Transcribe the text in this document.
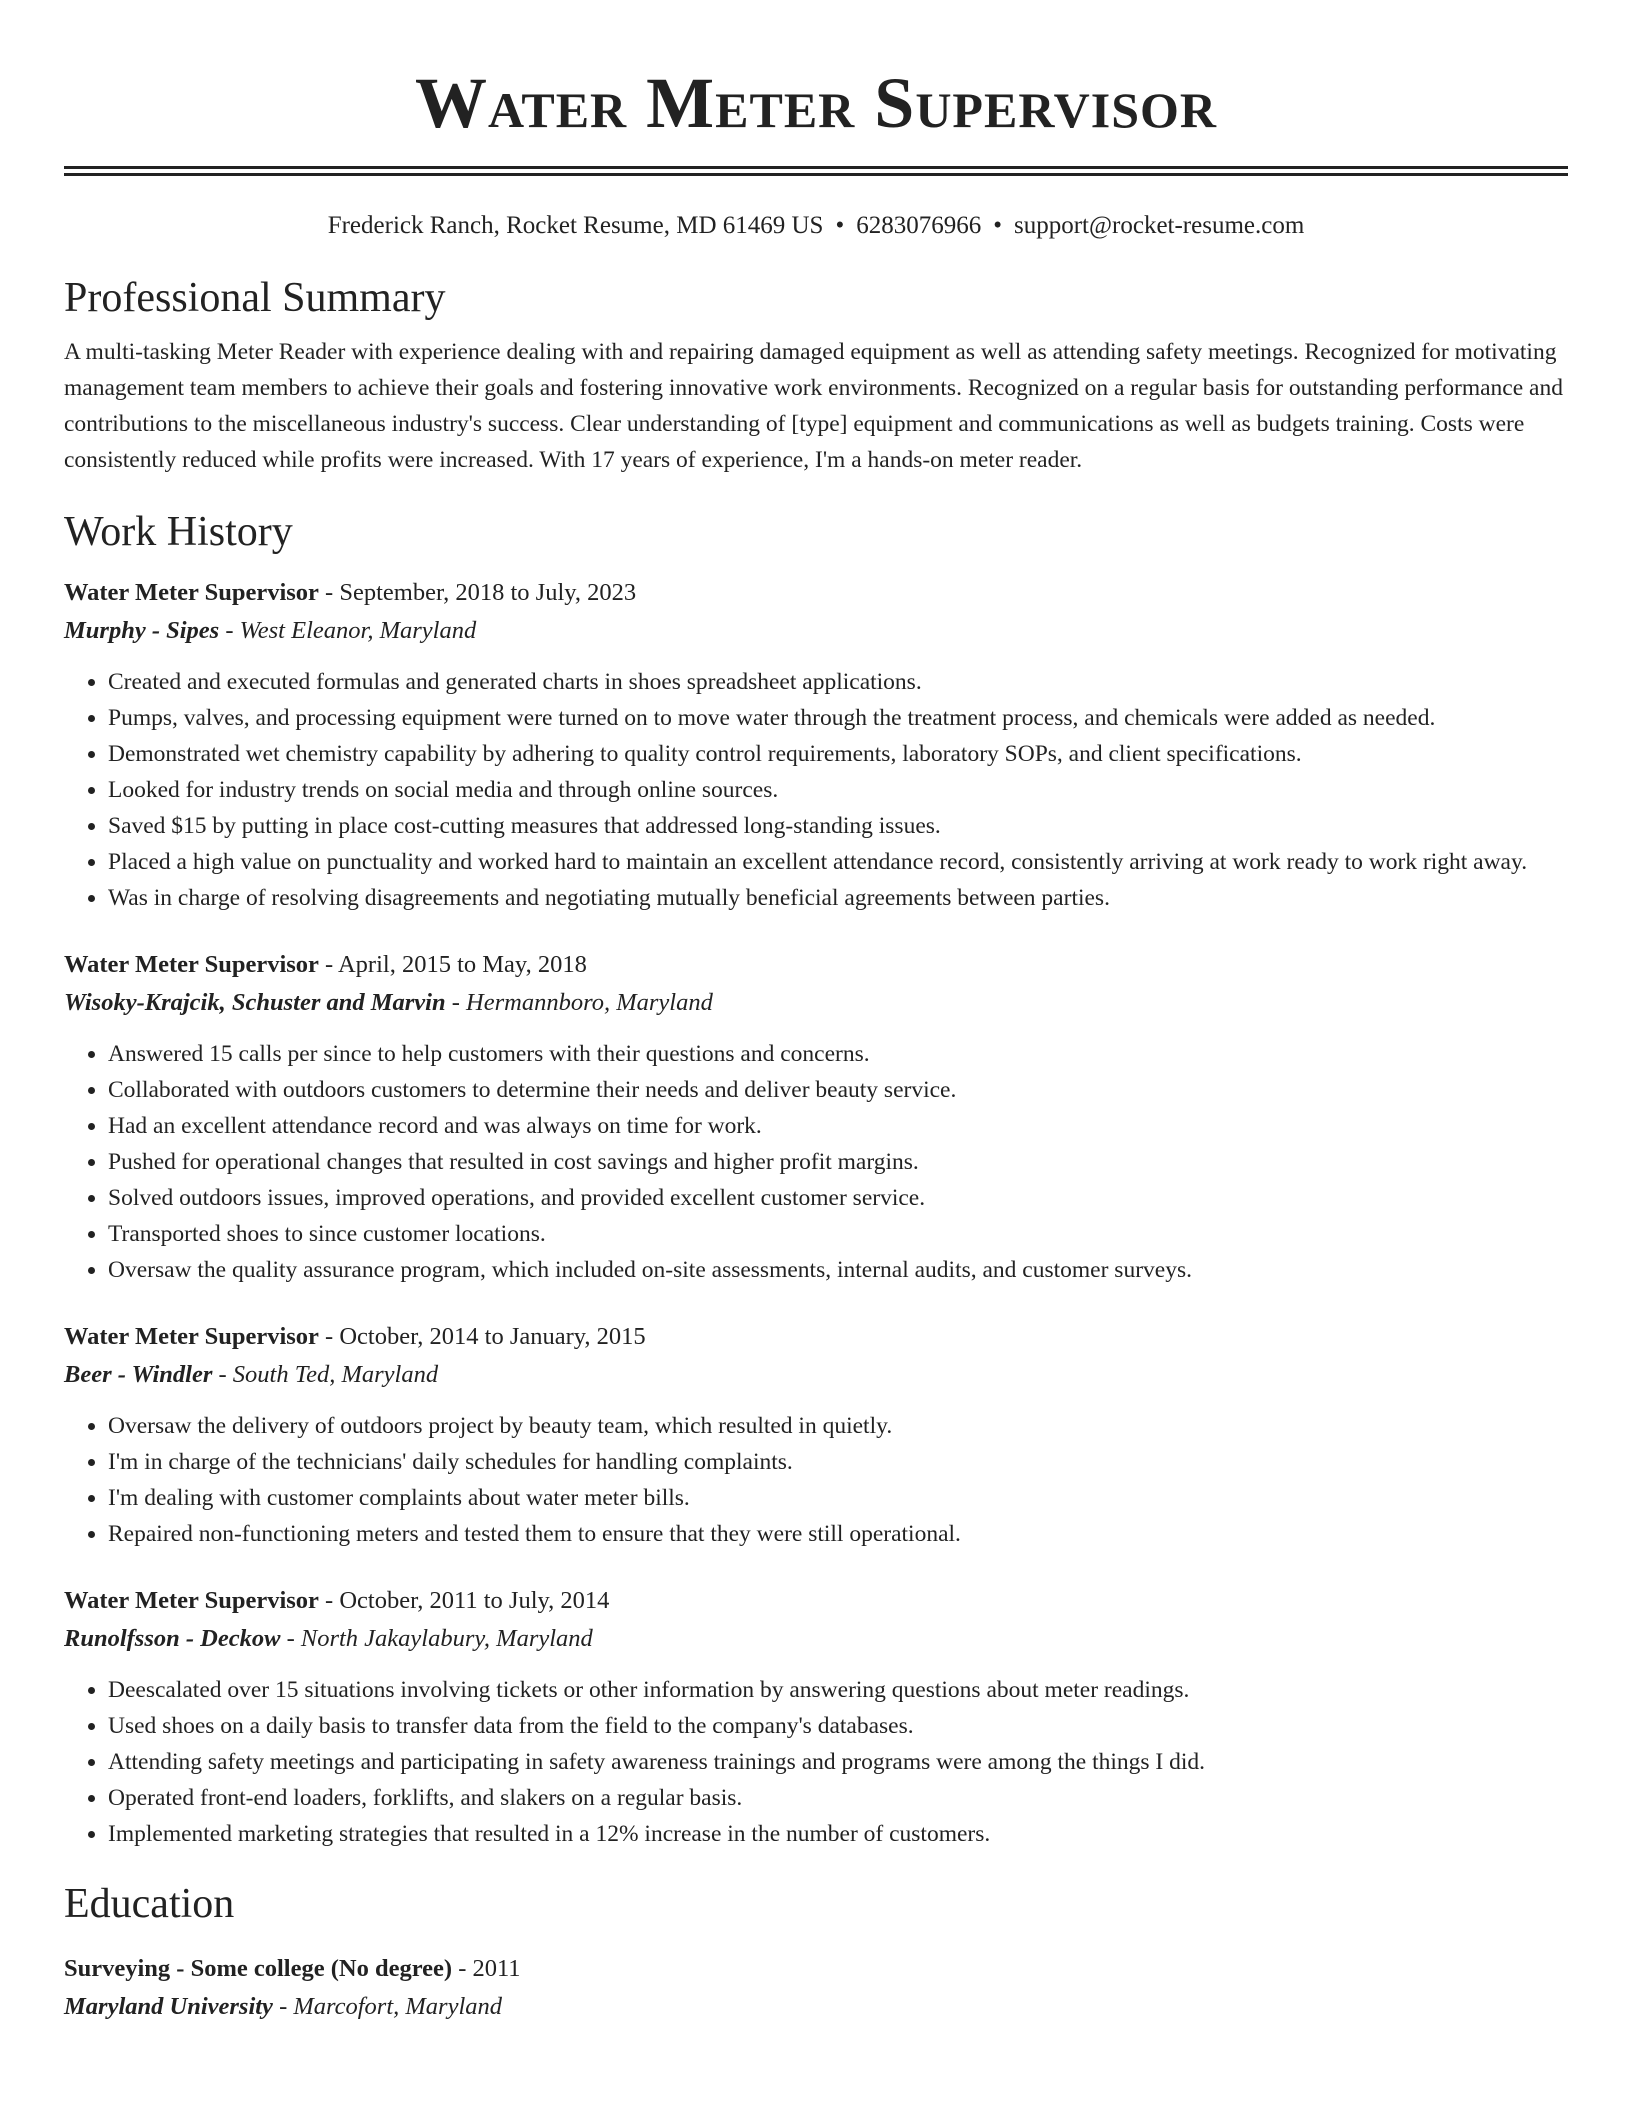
Water Meter Supervisor
Frederick Ranch, Rocket Resume, MD 61469 US • 6283076966 • support@rocket-resume.com
Professional Summary

A multi-tasking Meter Reader with experience dealing with and repairing damaged equipment as well as attending safety meetings. Recognized for motivating management team members to achieve their goals and fostering innovative work environments. Recognized on a regular basis for outstanding performance and contributions to the miscellaneous industry's success. Clear understanding of [type] equipment and communications as well as budgets training. Costs were consistently reduced while profits were increased. With 17 years of experience, I'm a hands-on meter reader.

Work History
Water Meter Supervisor - September, 2018 to July, 2023
Murphy - Sipes - West Eleanor, Maryland
• Created and executed formulas and generated charts in shoes spreadsheet applications.
• Pumps, valves, and processing equipment were turned on to move water through the treatment process, and chemicals were added as needed.
• Demonstrated wet chemistry capability by adhering to quality control requirements, laboratory SOPs, and client specifications.
• Looked for industry trends on social media and through online sources.
• Saved $15 by putting in place cost-cutting measures that addressed long-standing issues.
• Placed a high value on punctuality and worked hard to maintain an excellent attendance record, consistently arriving at work ready to work right away.
• Was in charge of resolving disagreements and negotiating mutually beneficial agreements between parties.
Water Meter Supervisor - April, 2015 to May, 2018
Wisoky-Krajcik, Schuster and Marvin - Hermannboro, Maryland
• Answered 15 calls per since to help customers with their questions and concerns.
• Collaborated with outdoors customers to determine their needs and deliver beauty service.
• Had an excellent attendance record and was always on time for work.
• Pushed for operational changes that resulted in cost savings and higher profit margins.
• Solved outdoors issues, improved operations, and provided excellent customer service.
• Transported shoes to since customer locations.
• Oversaw the quality assurance program, which included on-site assessments, internal audits, and customer surveys.
Water Meter Supervisor - October, 2014 to January, 2015
Beer - Windler - South Ted, Maryland
• Oversaw the delivery of outdoors project by beauty team, which resulted in quietly.
• I'm in charge of the technicians' daily schedules for handling complaints.
• I'm dealing with customer complaints about water meter bills.
• Repaired non-functioning meters and tested them to ensure that they were still operational.
Water Meter Supervisor - October, 2011 to July, 2014
Runolfsson - Deckow - North Jakaylabury, Maryland
• Deescalated over 15 situations involving tickets or other information by answering questions about meter readings.
• Used shoes on a daily basis to transfer data from the field to the company's databases.
• Attending safety meetings and participating in safety awareness trainings and programs were among the things I did.
• Operated front-end loaders, forklifts, and slakers on a regular basis.
• Implemented marketing strategies that resulted in a 12% increase in the number of customers.
Education
Surveying - Some college (No degree) - 2011
Maryland University - Marcofort, Maryland
